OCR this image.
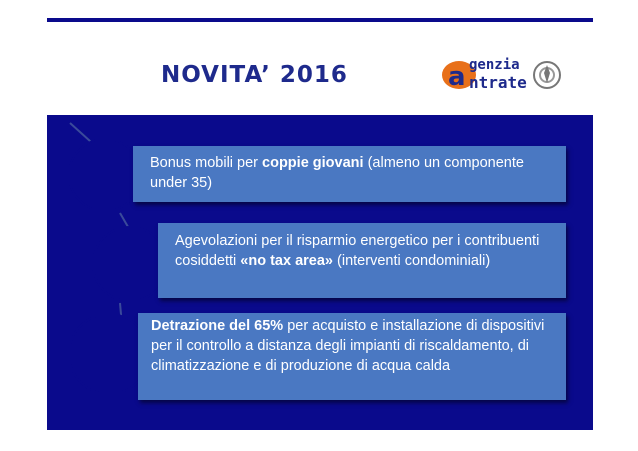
NOVITA’ 2016	a genzia
ntrate
Bonus mobili per coppie giovani (almeno un componente under 35)
Agevolazioni per il risparmio energetico per i contribuenti cosiddetti «no tax area» (interventi condominiali)
Detrazione del 65% per acquisto e installazione di dispositivi per il controllo a distanza degli impianti di riscaldamento, di climatizzazione e di produzione di acqua calda
